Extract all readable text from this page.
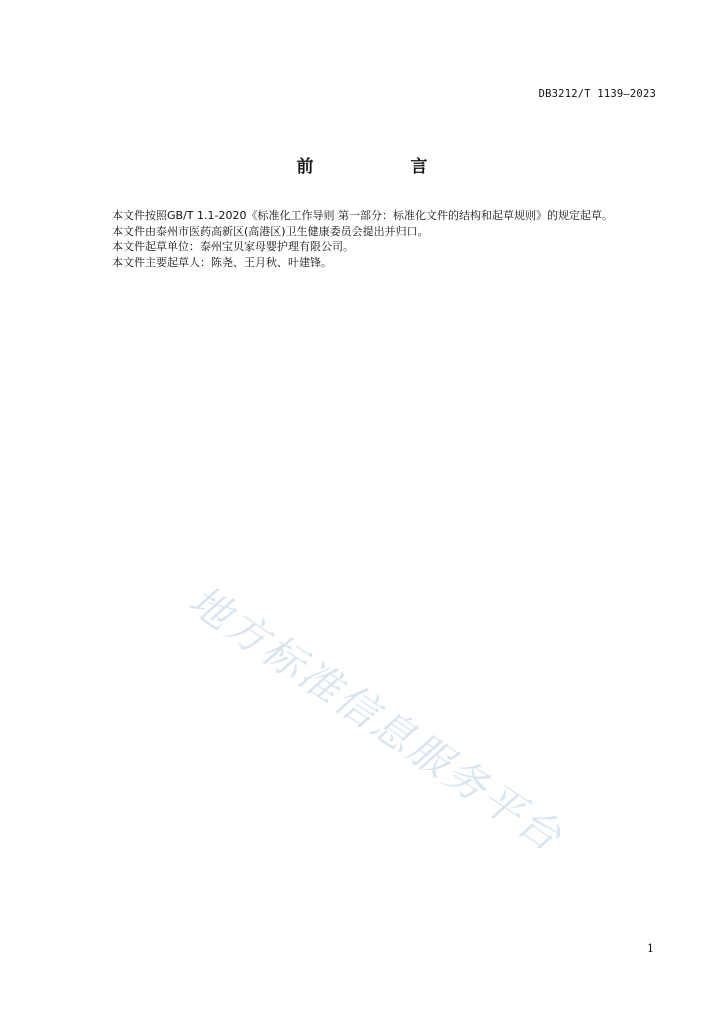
DB3212/T 1139—2023
前　言

本文件按照GB/T 1.1-2020《标准化工作导则 第一部分：标准化文件的结构和起草规则》的规定起草。

本文件由泰州市医药高新区(高港区)卫生健康委员会提出并归口。

本文件起草单位：泰州宝贝家母婴护理有限公司。

本文件主要起草人：陈尧、王月秋、叶建锋。

地方标准信息服务平台
1
